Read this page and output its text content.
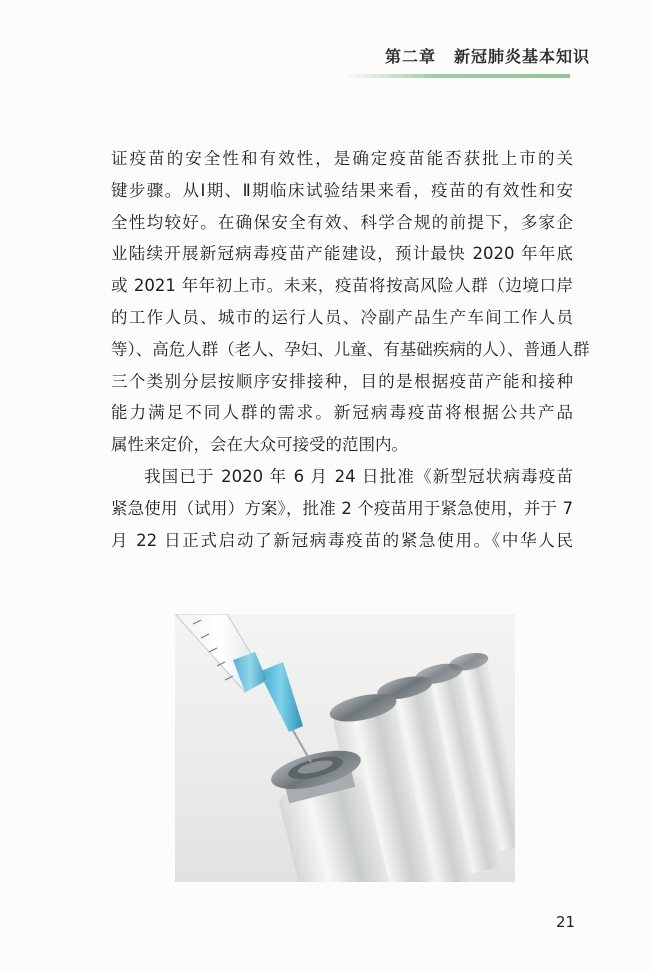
第二章 新冠肺炎基本知识
证疫苗的安全性和有效性，是确定疫苗能否获批上市的关
键步骤。从Ⅰ期、Ⅱ期临床试验结果来看，疫苗的有效性和安
全性均较好。在确保安全有效、科学合规的前提下，多家企
业陆续开展新冠病毒疫苗产能建设，预计最快 2020 年年底
或 2021 年年初上市。未来，疫苗将按高风险人群（边境口岸
的工作人员、城市的运行人员、冷副产品生产车间工作人员
等）、高危人群（老人、孕妇、儿童、有基础疾病的人）、普通人群
三个类别分层按顺序安排接种，目的是根据疫苗产能和接种
能力满足不同人群的需求。新冠病毒疫苗将根据公共产品
属性来定价，会在大众可接受的范围内。
我国已于 2020 年 6 月 24 日批准《新型冠状病毒疫苗
紧急使用（试用）方案》，批准 2 个疫苗用于紧急使用，并于 7
月 22 日正式启动了新冠病毒疫苗的紧急使用。《中华人民
21
